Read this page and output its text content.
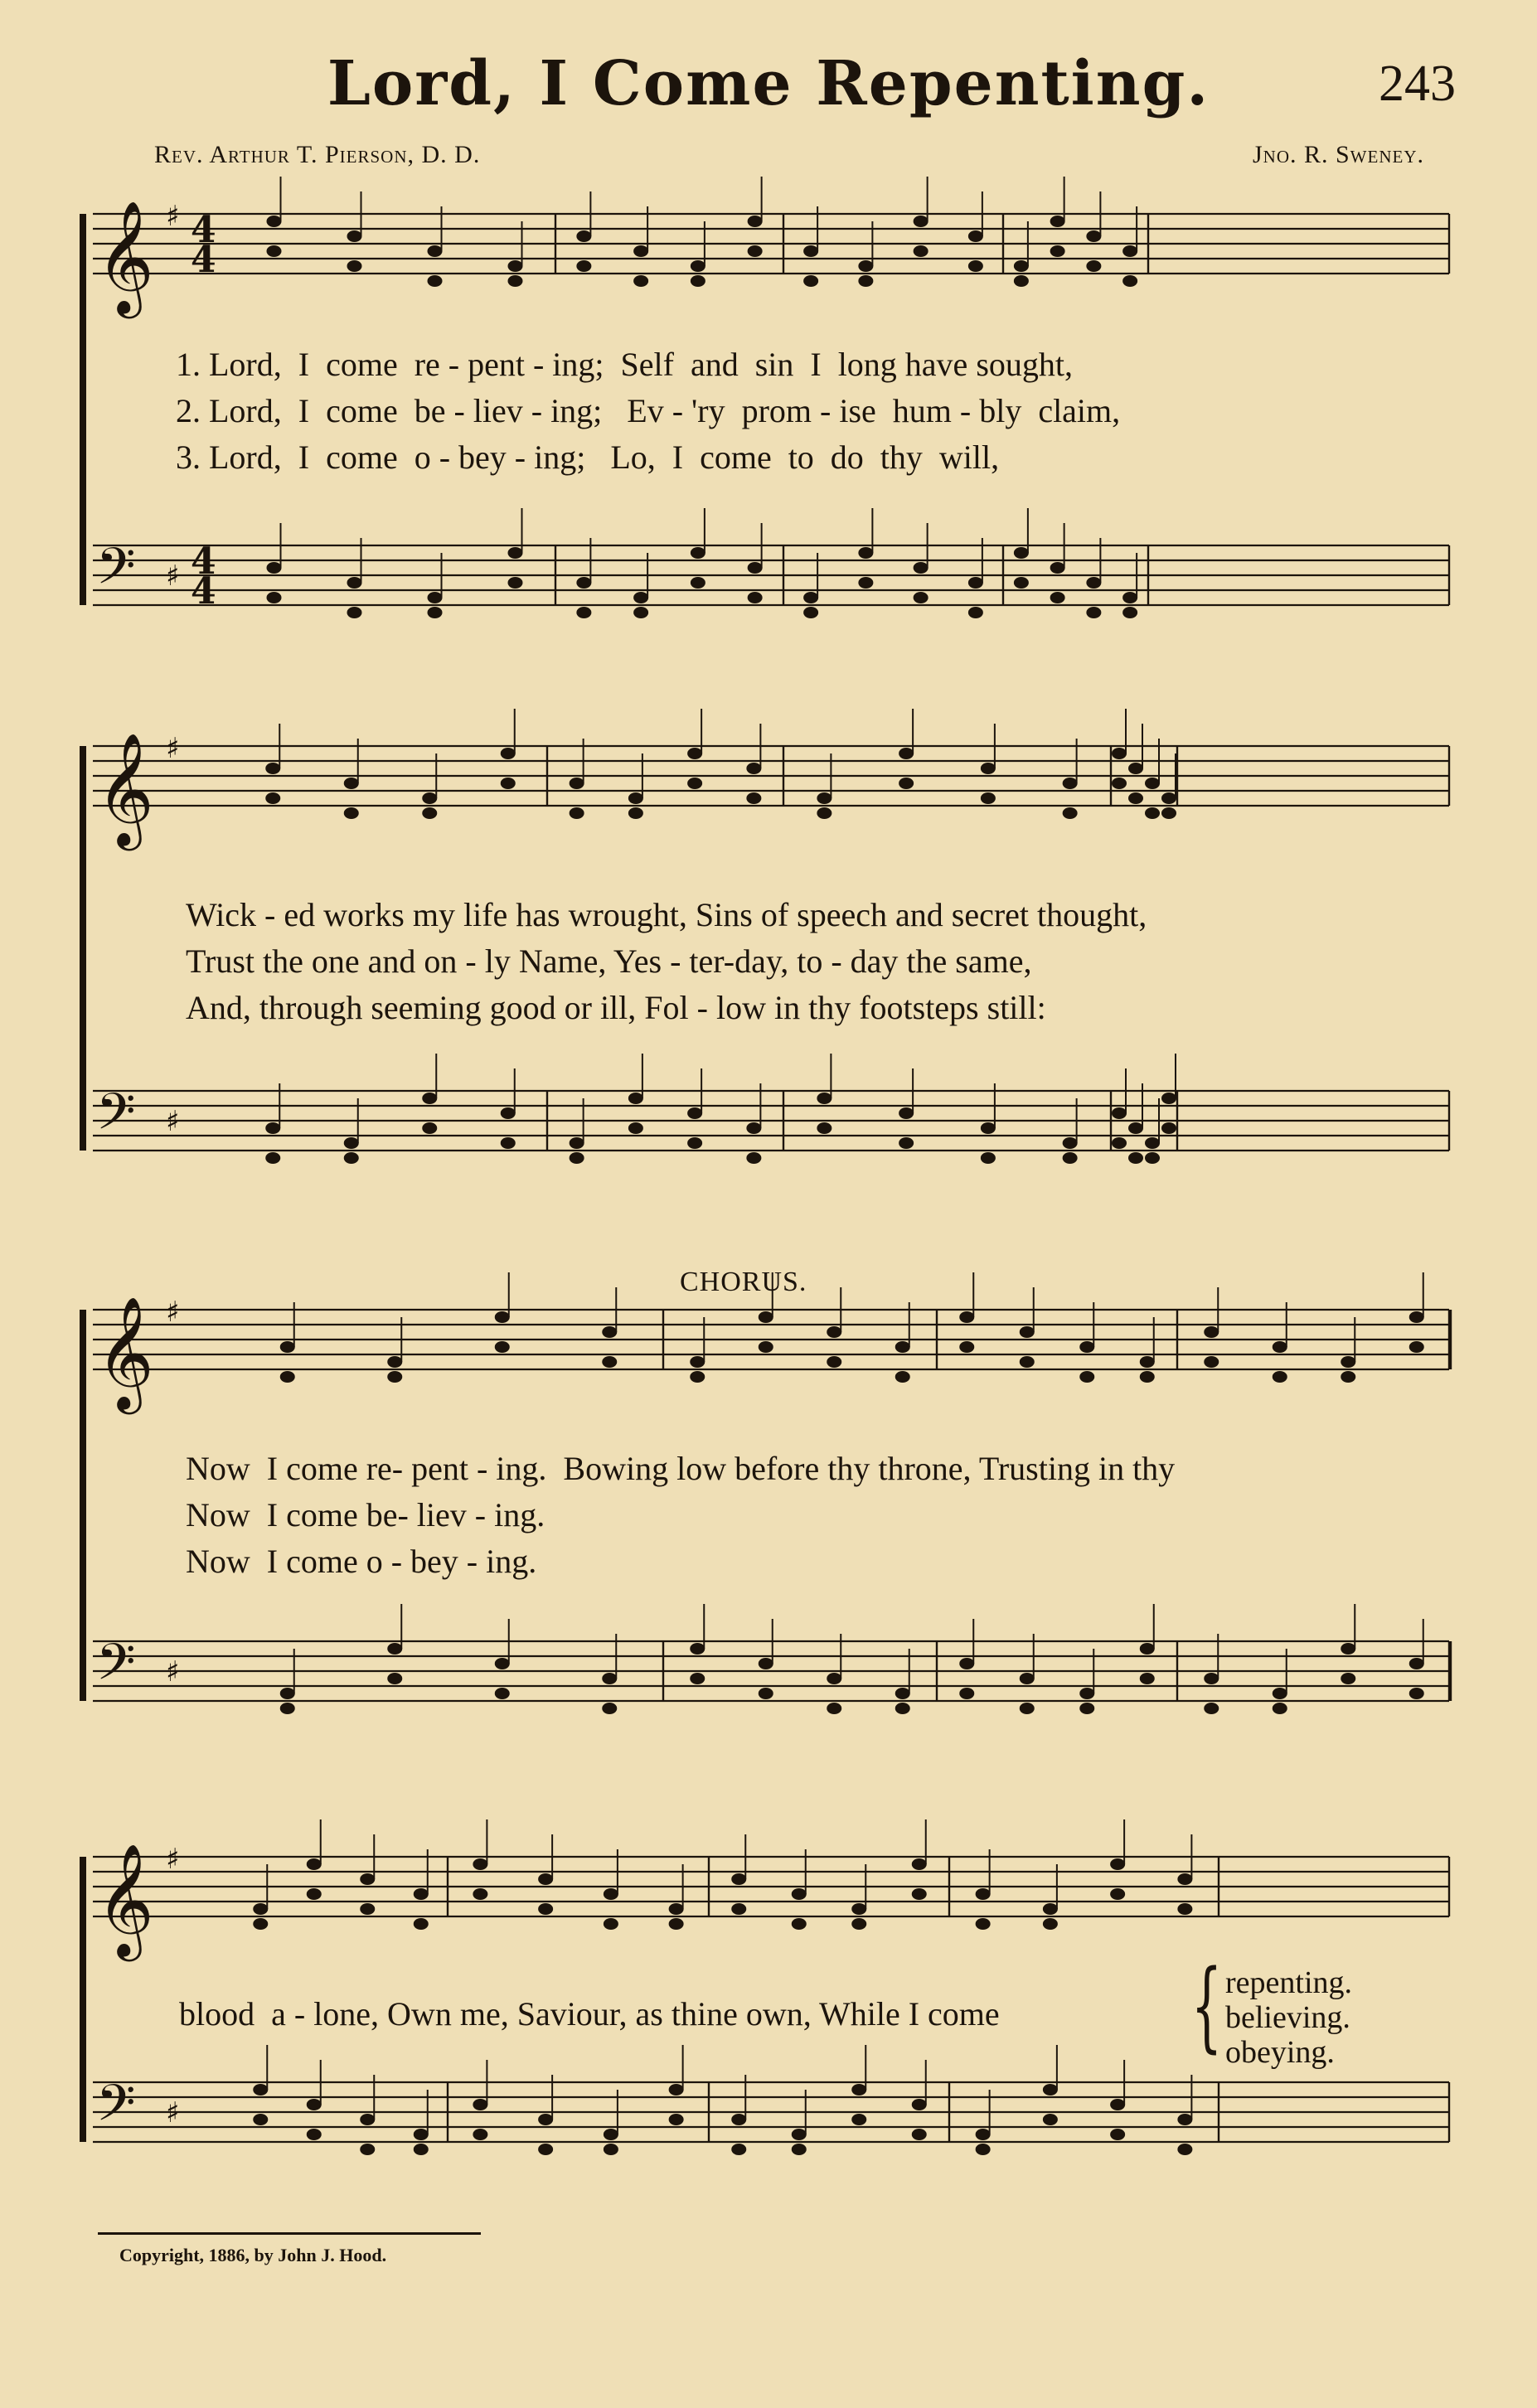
Lord, I Come Repenting.	243
Rev. Arthur T. Pierson, D. D.	Jno. R. Sweney.
𝄞 ♯
𝄢 ♯
4
4
4
4
𝄞 ♯
𝄢 ♯
𝄞 ♯
𝄢 ♯
𝄞 ♯
𝄢 ♯
1. Lord,  I  come  re - pent - ing;  Self  and  sin  I  long have sought,
2. Lord,  I  come  be - liev - ing;   Ev - 'ry  prom - ise  hum - bly  claim,
3. Lord,  I  come  o - bey - ing;   Lo,  I  come  to  do  thy  will,
Wick - ed works my life has wrought, Sins of speech and secret thought,
Trust the one and on - ly Name, Yes - ter-day, to - day the same,
And, through seeming good or ill, Fol - low in thy footsteps still:
CHORUS.
Now  I come re- pent - ing.  Bowing low before thy throne, Trusting in thy
Now  I come be- liev - ing.
Now  I come o - bey - ing.
blood  a - lone, Own me, Saviour, as thine own, While I come { repenting.
believing.
obeying.
Copyright, 1886, by John J. Hood.
